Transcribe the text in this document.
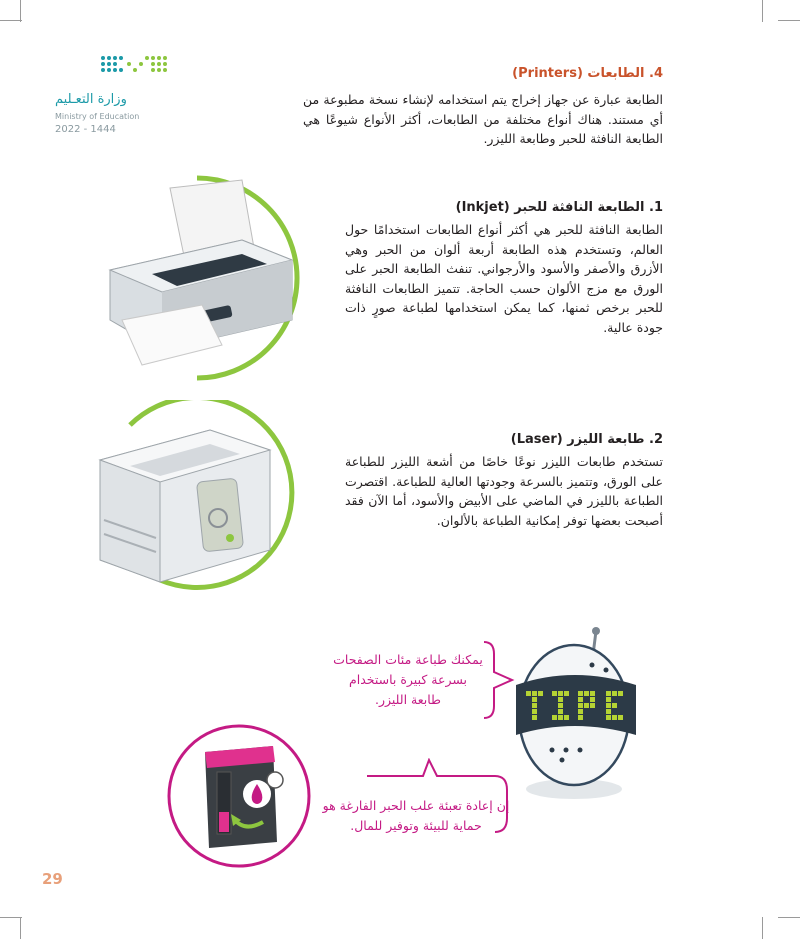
وزارة التعـليم
Ministry of Education
2022 - 1444
4. الطابعات (Printers)
الطابعة عبارة عن جهاز إخراج يتم استخدامه لإنشاء نسخة مطبوعة من أي مستند. هناك أنواع مختلفة من الطابعات، أكثر الأنواع شيوعًا هي الطابعة النافثة للحبر وطابعة الليزر.
1. الطابعة النافثة للحبر (Inkjet)
الطابعة النافثة للحبر هي أكثر أنواع الطابعات استخدامًا حول العالم، وتستخدم هذه الطابعة أربعة ألوان من الحبر وهي الأزرق والأصفر والأسود والأرجواني. تنفث الطابعة الحبر على الورق مع مزج الألوان حسب الحاجة. تتميز الطابعات النافثة للحبر برخص ثمنها، كما يمكن استخدامها لطباعة صورٍ ذات جودة عالية.
2. طابعة الليزر (Laser)
تستخدم طابعات الليزر نوعًا خاصًا من أشعة الليزر للطباعة على الورق، وتتميز بالسرعة وجودتها العالية للطباعة. اقتصرت الطباعة بالليزر في الماضي على الأبيض والأسود، أما الآن فقد أصبحت بعضها توفر إمكانية الطباعة بالألوان.
يمكنك طباعة مئات الصفحات بسرعة كبيرة باستخدام طابعة الليزر.
إن إعادة تعبئة علب الحبر الفارغة هو حماية للبيئة وتوفير للمال.
29
